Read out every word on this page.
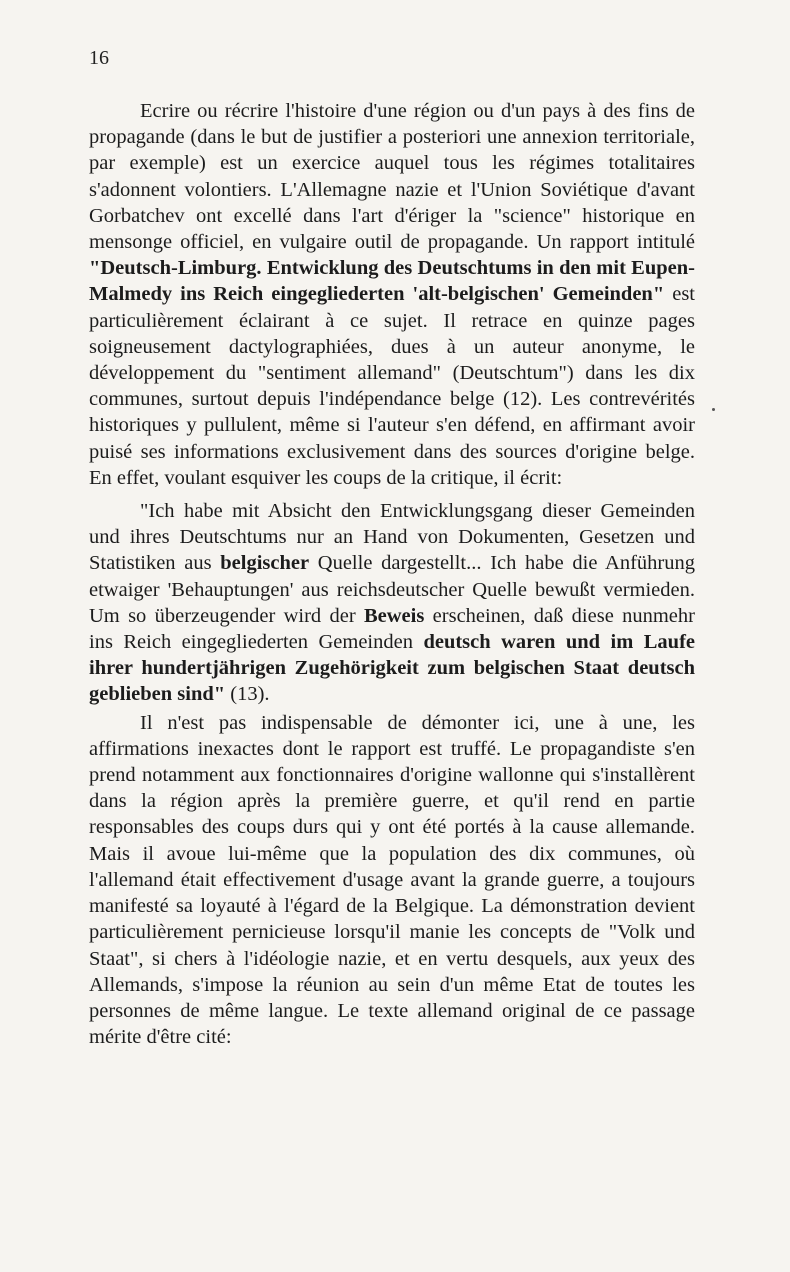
16

Ecrire ou récrire l'histoire d'une région ou d'un pays à des fins de propagande (dans le but de justifier a posteriori une annexion territoriale, par exemple) est un exercice auquel tous les régimes totalitaires s'adonnent volontiers. L'Allemagne nazie et l'Union Soviétique d'avant Gorbatchev ont excellé dans l'art d'ériger la "science" historique en mensonge officiel, en vulgaire outil de propagande. Un rapport intitulé "Deutsch-Limburg. Entwicklung des Deutschtums in den mit Eupen-Malmedy ins Reich eingegliederten 'alt-belgischen' Gemeinden" est particulièrement éclairant à ce sujet. Il retrace en quinze pages soigneusement dactylographiées, dues à un auteur anonyme, le développement du "sentiment allemand" (Deutschtum") dans les dix communes, surtout depuis l'indépendance belge (12). Les contrevérités historiques y pullulent, même si l'auteur s'en défend, en affirmant avoir puisé ses informations exclusivement dans des sources d'origine belge. En effet, voulant esquiver les coups de la critique, il écrit:

"Ich habe mit Absicht den Entwicklungsgang dieser Gemeinden und ihres Deutschtums nur an Hand von Dokumenten, Gesetzen und Statistiken aus belgischer Quelle dargestellt... Ich habe die Anführung etwaiger 'Behauptungen' aus reichsdeutscher Quelle bewußt vermieden. Um so überzeugender wird der Beweis erscheinen, daß diese nunmehr ins Reich eingegliederten Gemeinden deutsch waren und im Laufe ihrer hundertjährigen Zugehörigkeit zum belgischen Staat deutsch geblieben sind" (13).

Il n'est pas indispensable de démonter ici, une à une, les affirmations inexactes dont le rapport est truffé. Le propagandiste s'en prend notamment aux fonctionnaires d'origine wallonne qui s'installèrent dans la région après la première guerre, et qu'il rend en partie responsables des coups durs qui y ont été portés à la cause allemande. Mais il avoue lui-même que la population des dix communes, où l'allemand était effectivement d'usage avant la grande guerre, a toujours manifesté sa loyauté à l'égard de la Belgique. La démonstration devient particulièrement pernicieuse lorsqu'il manie les concepts de "Volk und Staat", si chers à l'idéologie nazie, et en vertu desquels, aux yeux des Allemands, s'impose la réunion au sein d'un même Etat de toutes les personnes de même langue. Le texte allemand original de ce passage mérite d'être cité:
